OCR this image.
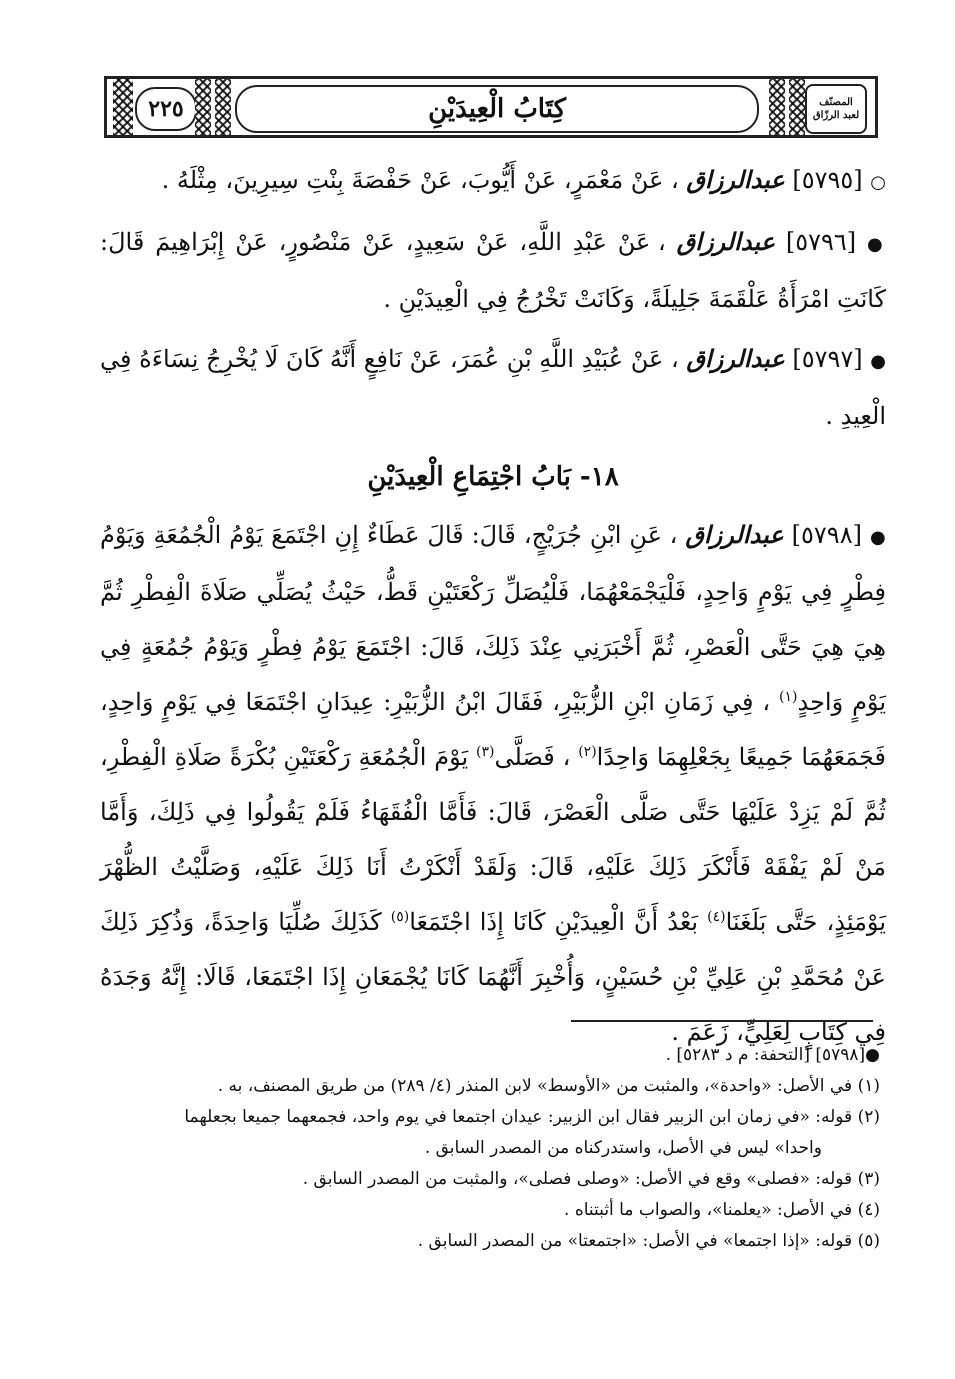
٢٢٥	كِتَابُ الْعِيدَيْنِ	المصنّف
لعبد الرزّاق

○ [٥٧٩٥] عبدالرزاق ، عَنْ مَعْمَرٍ، عَنْ أَيُّوبَ، عَنْ حَفْصَةَ بِنْتِ سِيرِينَ، مِثْلَهُ .

● [٥٧٩٦] عبدالرزاق ، عَنْ عَبْدِ اللَّهِ، عَنْ سَعِيدٍ، عَنْ مَنْصُورٍ، عَنْ إِبْرَاهِيمَ قَالَ: كَانَتِ امْرَأَةُ عَلْقَمَةَ جَلِيلَةً، وَكَانَتْ تَخْرُجُ فِي الْعِيدَيْنِ .

● [٥٧٩٧] عبدالرزاق ، عَنْ عُبَيْدِ اللَّهِ بْنِ عُمَرَ، عَنْ نَافِعٍ أَنَّهُ كَانَ لَا يُخْرِجُ نِسَاءَهُ فِي الْعِيدِ .

١٨- بَابُ اجْتِمَاعِ الْعِيدَيْنِ

● [٥٧٩٨] عبدالرزاق ، عَنِ ابْنِ جُرَيْجٍ، قَالَ: قَالَ عَطَاءٌ إِنِ اجْتَمَعَ يَوْمُ الْجُمُعَةِ وَيَوْمُ فِطْرٍ فِي يَوْمٍ وَاحِدٍ، فَلْيَجْمَعْهُمَا، فَلْيُصَلِّ رَكْعَتَيْنِ قَطُّ، حَيْثُ يُصَلِّي صَلَاةَ الْفِطْرِ ثُمَّ هِيَ هِيَ حَتَّى الْعَصْرِ، ثُمَّ أَخْبَرَنِي عِنْدَ ذَلِكَ، قَالَ: اجْتَمَعَ يَوْمُ فِطْرٍ وَيَوْمُ جُمُعَةٍ فِي يَوْمٍ وَاحِدٍ$^{(١)}$ ، فِي زَمَانِ ابْنِ الزُّبَيْرِ، فَقَالَ ابْنُ الزُّبَيْرِ: عِيدَانِ اجْتَمَعَا فِي يَوْمٍ وَاحِدٍ، فَجَمَعَهُمَا جَمِيعًا بِجَعْلِهِمَا وَاحِدًا$^{(٢)}$ ، فَصَلَّى$^{(٣)}$ يَوْمَ الْجُمُعَةِ رَكْعَتَيْنِ بُكْرَةً صَلَاةِ الْفِطْرِ، ثُمَّ لَمْ يَزِدْ عَلَيْهَا حَتَّى صَلَّى الْعَصْرَ، قَالَ: فَأَمَّا الْفُقَهَاءُ فَلَمْ يَقُولُوا فِي ذَلِكَ، وَأَمَّا مَنْ لَمْ يَفْقَهْ فَأَنْكَرَ ذَلِكَ عَلَيْهِ، قَالَ: وَلَقَدْ أَنْكَرْتُ أَنَا ذَلِكَ عَلَيْهِ، وَصَلَّيْتُ الظُّهْرَ يَوْمَئِذٍ، حَتَّى بَلَغَنَا$^{(٤)}$ بَعْدُ أَنَّ الْعِيدَيْنِ كَانَا إِذَا اجْتَمَعَا$^{(٥)}$ كَذَلِكَ صُلِّيَا وَاحِدَةً، وَذُكِرَ ذَلِكَ عَنْ مُحَمَّدِ بْنِ عَلِيِّ بْنِ حُسَيْنٍ، وَأُخْبِرَ أَنَّهُمَا كَانَا يُجْمَعَانِ إِذَا اجْتَمَعَا، قَالَا: إِنَّهُ وَجَدَهُ فِي كِتَابٍ لِعَلِيٍّ، زَعَمَ .

●[٥٧٩٨] [التحفة: م د ٥٢٨٣] .

(١) في الأصل: «واحدة»، والمثبت من «الأوسط» لابن المنذر (٤/ ٢٨٩) من طريق المصنف، به .

(٢) قوله: «في زمان ابن الزبير فقال ابن الزبير: عيدان اجتمعا في يوم واحد، فجمعهما جميعا بجعلهما

واحدا» ليس في الأصل، واستدركناه من المصدر السابق .

(٣) قوله: «فصلى» وقع في الأصل: «وصلى فصلى»، والمثبت من المصدر السابق .

(٤) في الأصل: «يعلمنا»، والصواب ما أثبتناه .

(٥) قوله: «إذا اجتمعا» في الأصل: «اجتمعتا» من المصدر السابق .
